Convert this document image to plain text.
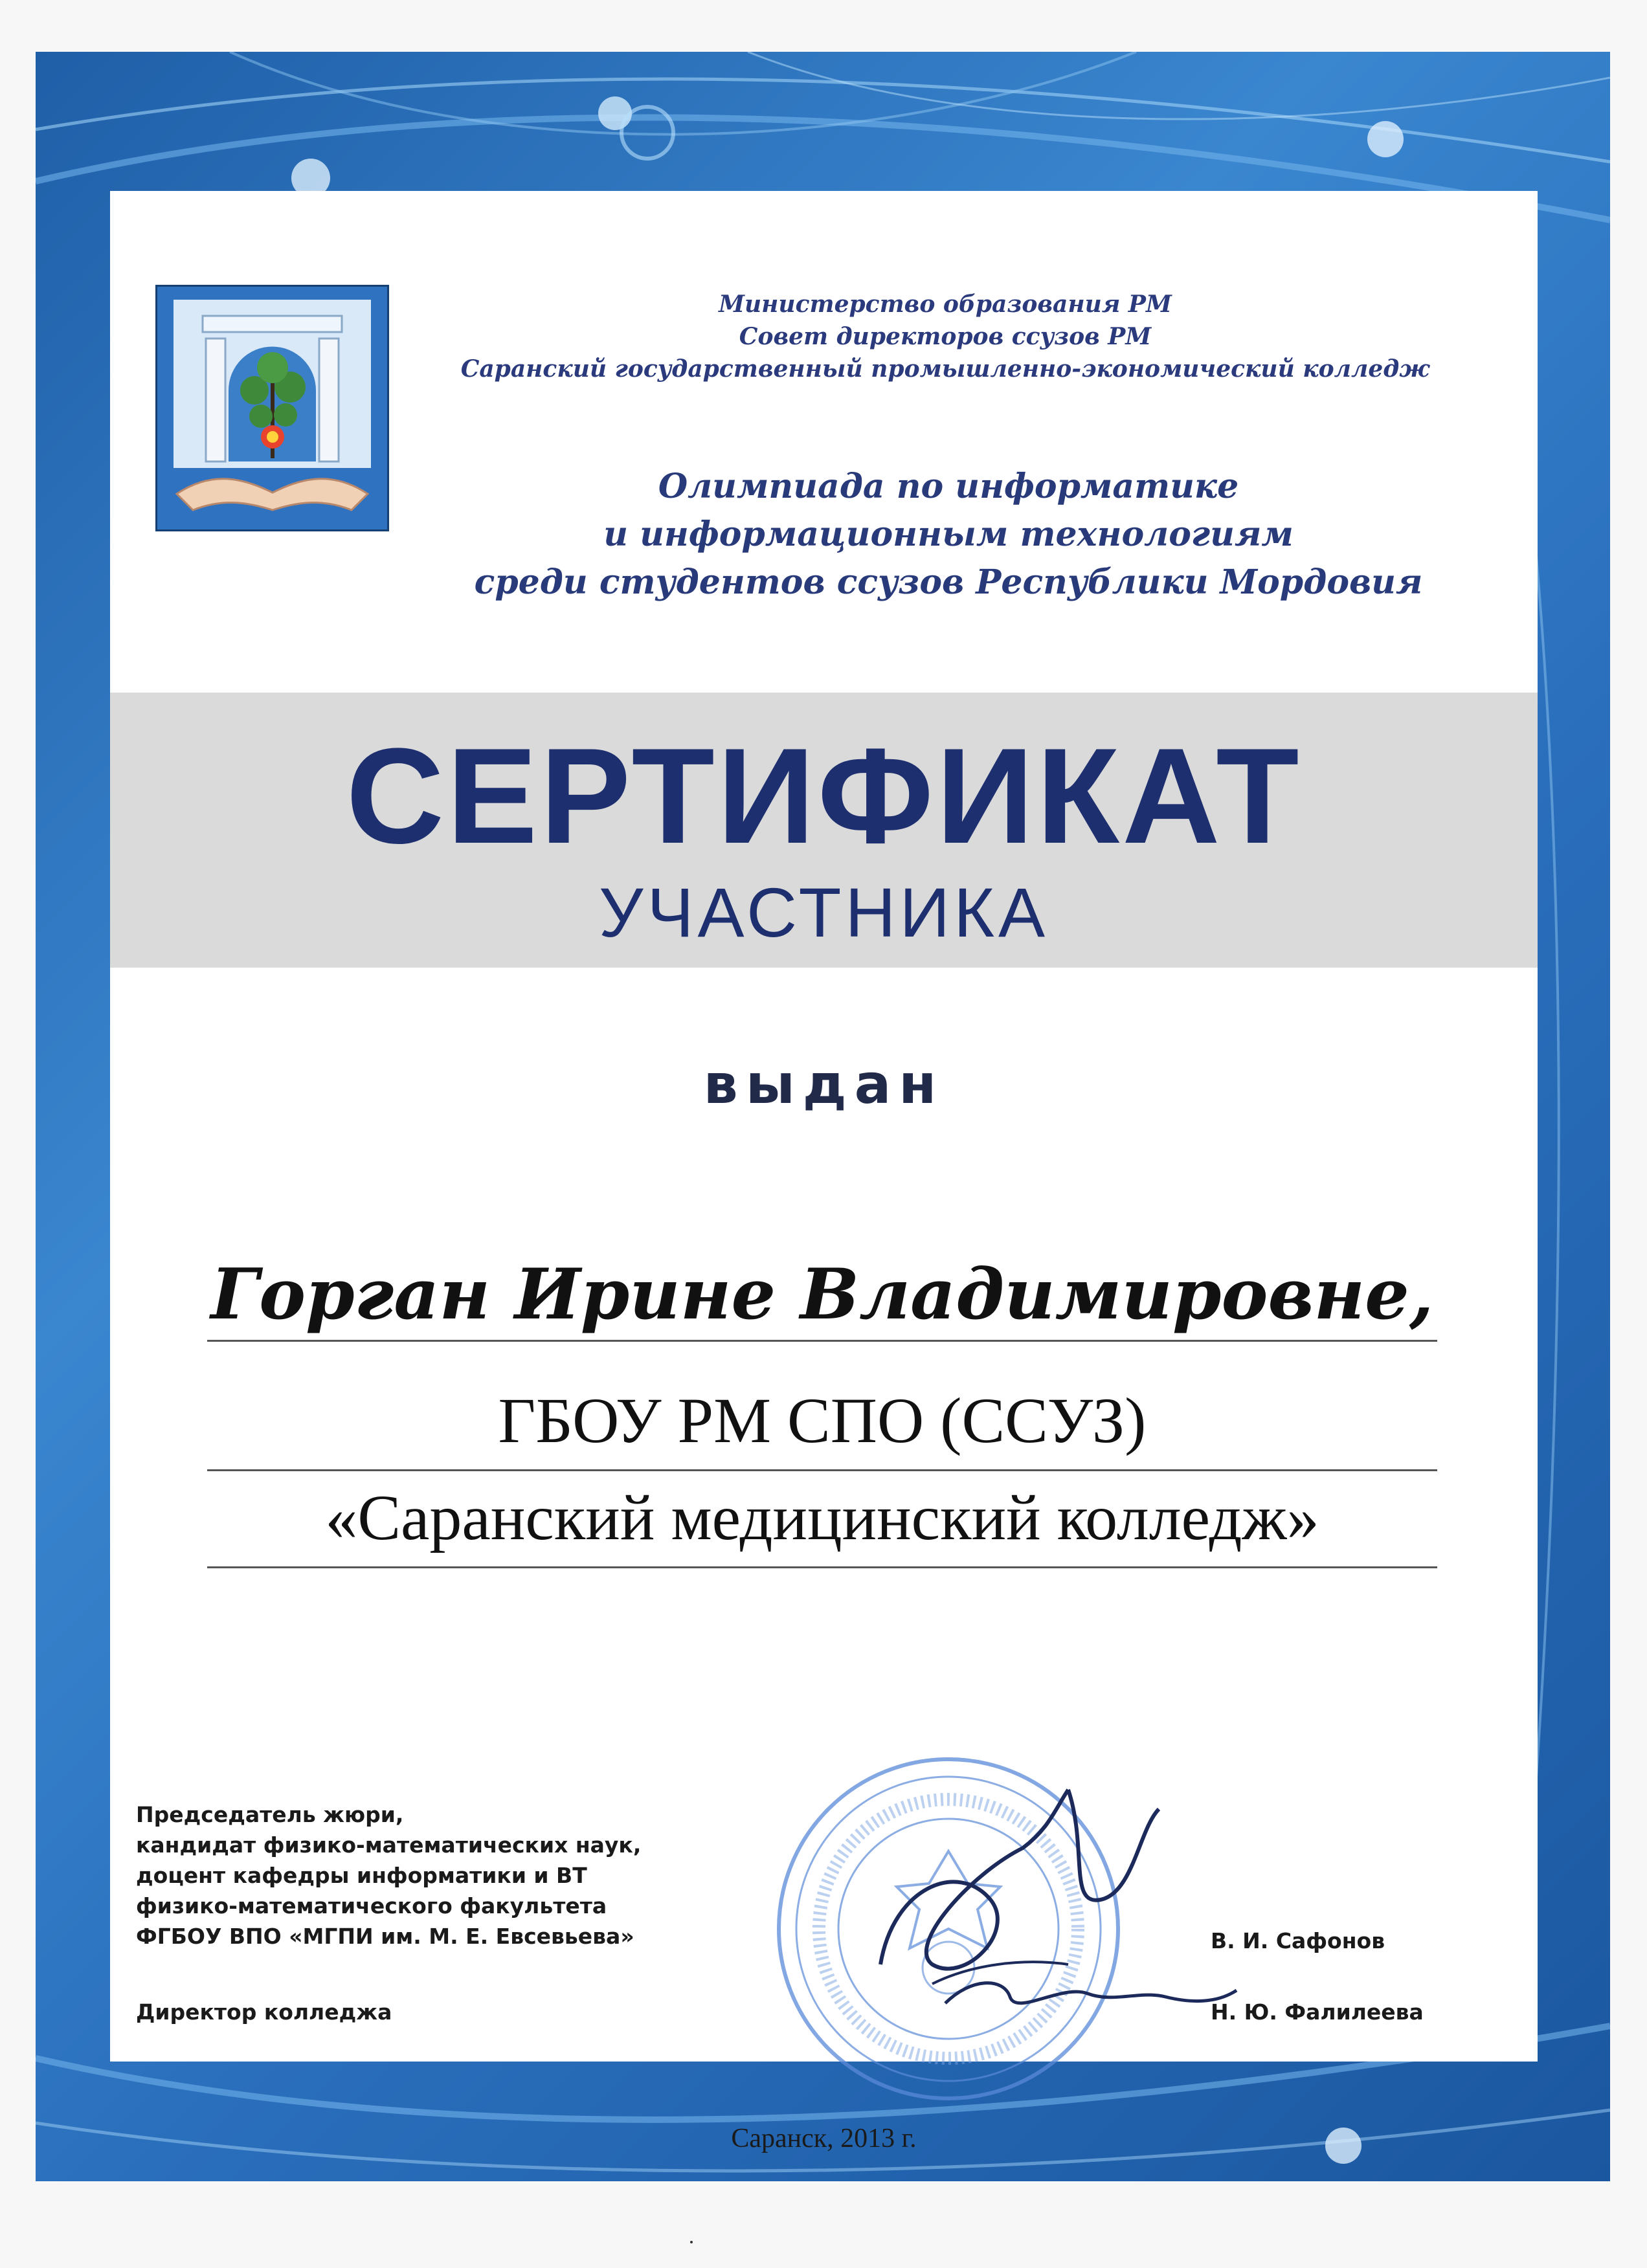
Министерство образования РМ
Совет директоров ссузов РМ
Саранский государственный промышленно-экономический колледж
Олимпиада по информатике
и информационным технологиям
среди студентов ссузов Республики Мордовия
СЕРТИФИКАТ
УЧАСТНИКА
выдан
Горган Ирине Владимировне,
ГБОУ РМ СПО (ССУЗ)
«Саранский медицинский колледж»
Председатель жюри,
кандидат физико-математических наук,
доцент кафедры информатики и ВТ
физико-математического факультета
ФГБОУ ВПО «МГПИ им. М. Е. Евсевьева»	В. И. Сафонов
Директор колледжа	Н. Ю. Фалилеева
Саранск, 2013 г.
